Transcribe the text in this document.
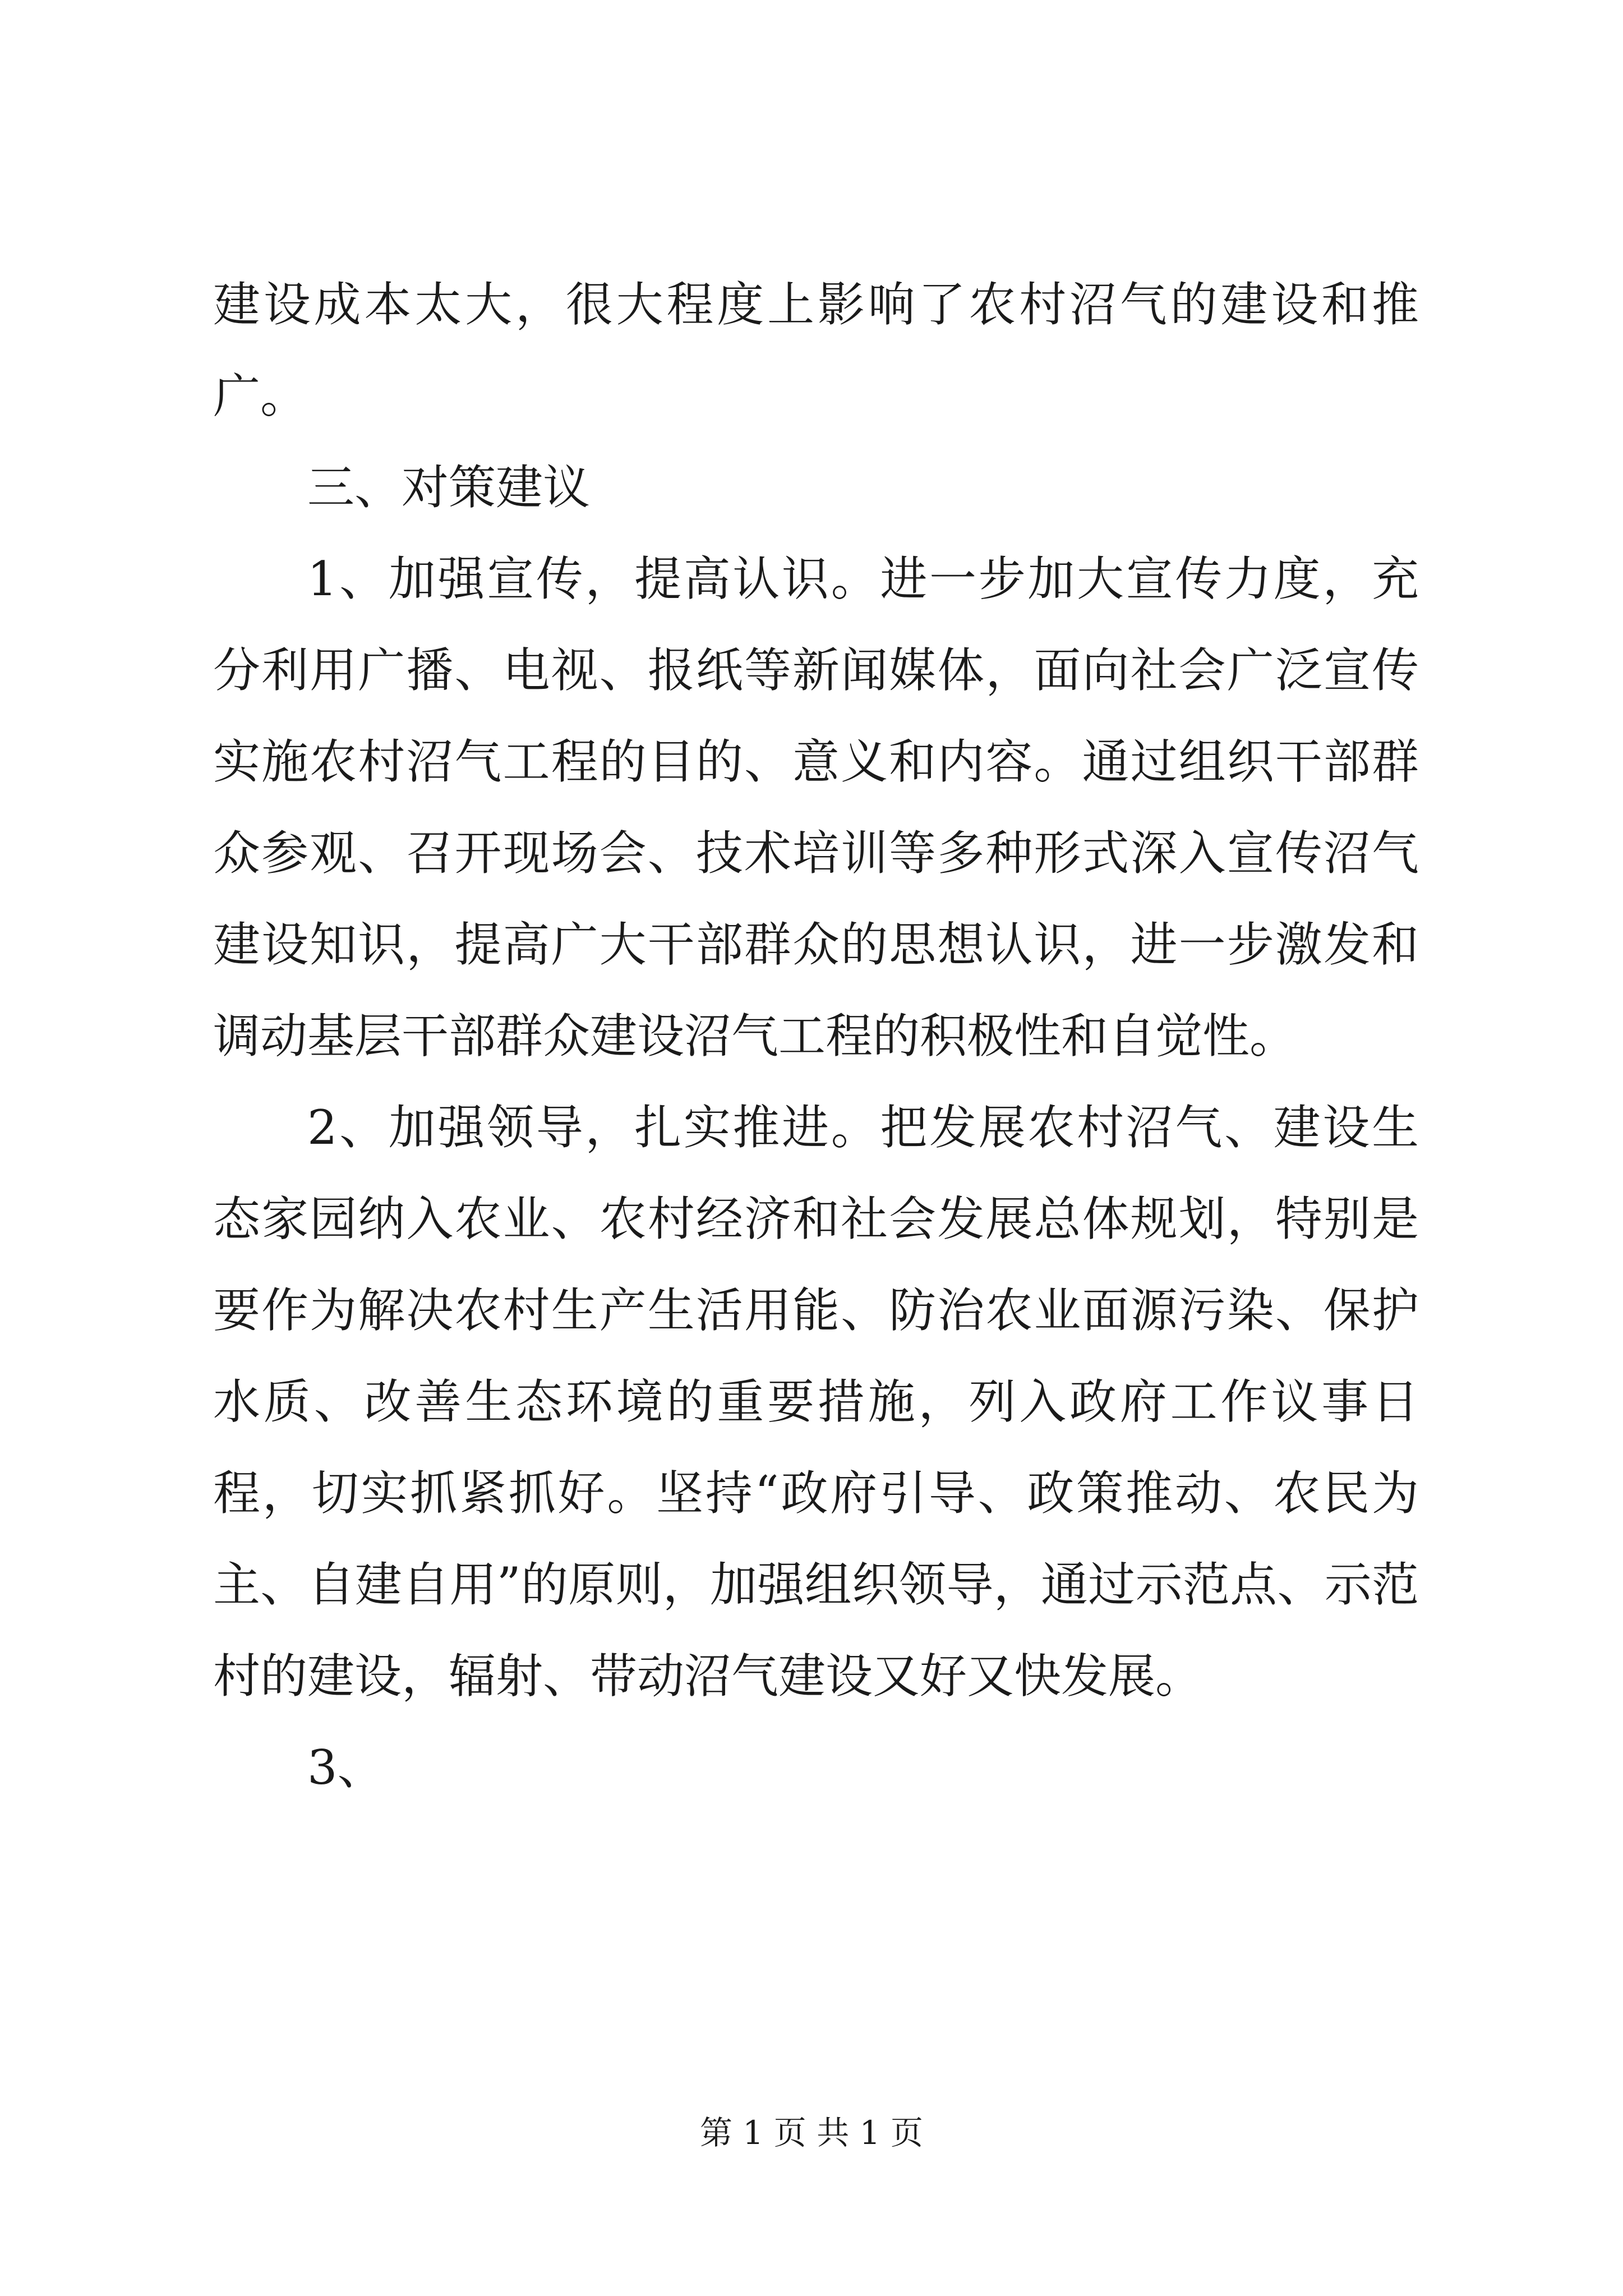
建设成本太大，很大程度上影响了农村沼气的建设和推广。

三、对策建议

1、加强宣传，提高认识。进一步加大宣传力度，充分利用广播、电视、报纸等新闻媒体，面向社会广泛宣传实施农村沼气工程的目的、意义和内容。通过组织干部群众参观、召开现场会、技术培训等多种形式深入宣传沼气建设知识，提高广大干部群众的思想认识，进一步激发和调动基层干部群众建设沼气工程的积极性和自觉性。

2、加强领导，扎实推进。把发展农村沼气、建设生态家园纳入农业、农村经济和社会发展总体规划，特别是要作为解决农村生产生活用能、防治农业面源污染、保护水质、改善生态环境的重要措施，列入政府工作议事日程，切实抓紧抓好。坚持“政府引导、政策推动、农民为主、自建自用”的原则，加强组织领导，通过示范点、示范村的建设，辐射、带动沼气建设又好又快发展。

3、

第 1 页 共 1 页
